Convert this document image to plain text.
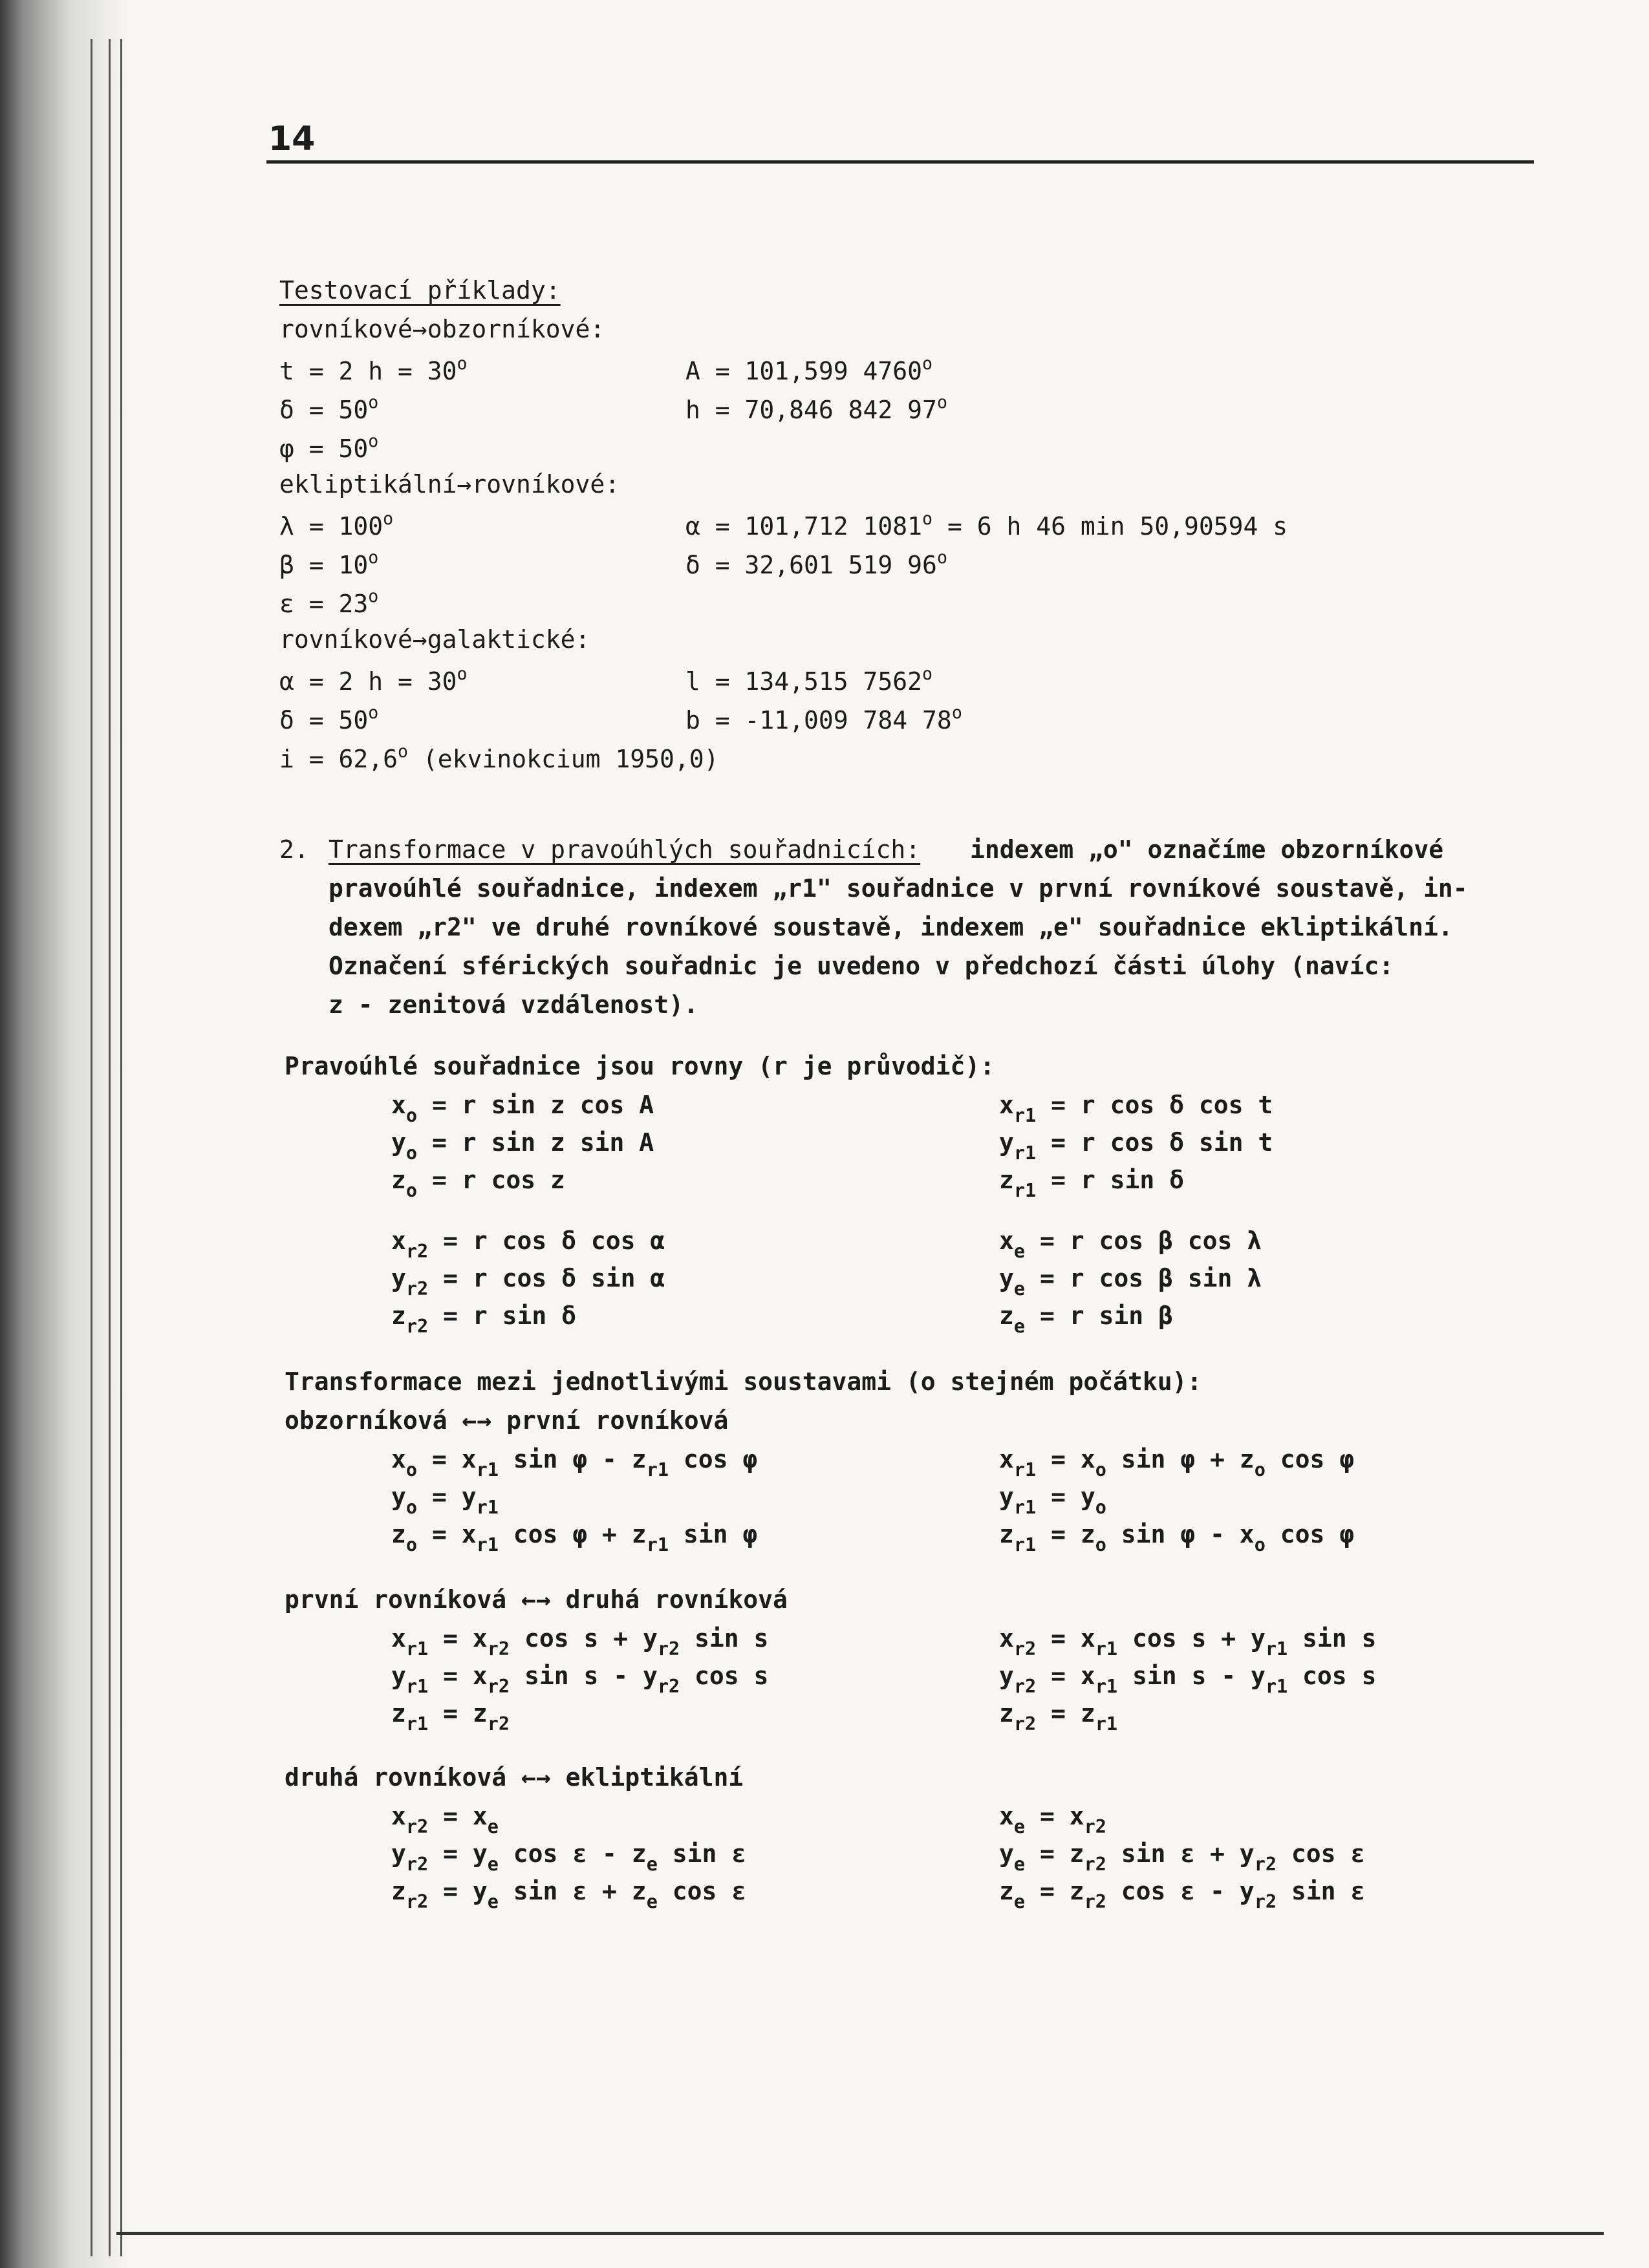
14
Testovací příklady:
rovníkové→obzorníkové:
t = 2 $h = 30^o$
$\delta = 50^o$
$\varphi = 50^o$
A = 101,599 4760$^o$
h = 70,846 842 97$^o$
ekliptikální→rovníkové:
$\lambda = 100^o$
$\beta = 10^o$
$\varepsilon = 23^o$
α = 101,712 $1081^o = 6$ h 46 min 50,90594 s
δ = 32,601 519 96$^o$
rovníkové→galaktické:
α = 2 $h = 30^o$
$\delta = 50^o$
$i = 62,6^o$ (ekvinokcium 1950,0)
l = 134,515 7562$^o$
b = -11,009 784 78$^o$
2. Transformace v pravoúhlých souřadnicích: indexem „o" označíme obzorníkové
pravoúhlé souřadnice, indexem „r1" souřadnice v první rovníkové soustavě, in-
dexem „r2" ve druhé rovníkové soustavě, indexem „e" souřadnice ekliptikální.
Označení sférických souřadnic je uvedeno v předchozí části úlohy (navíc:
z - zenitová vzdálenost).
Pravoúhlé souřadnice jsou rovny (r je průvodič):
$x_o = r$ sin z cos A
$y_o = r$ sin z sin A
$z_o = r$ cos z
$x_{r1} = r$ cos δ cos t
$y_{r1} = r$ cos δ sin t
$z_{r1} = r$ sin δ
$x_{r2} = r$ cos δ cos α
$y_{r2} = r$ cos δ sin α
$z_{r2} = r$ sin δ
$x_e = r$ cos β cos λ
$y_e = r$ cos β sin λ
$z_e = r$ sin β
Transformace mezi jednotlivými soustavami (o stejném počátku):
obzorníková ←→ první rovníková
$x_o = x_{r1}$ sin φ - $z_{r1}$ cos φ
$y_o = y_{r1}$
$z_o = x_{r1}$ $\cos \varphi + z_{r1}$ sin φ
$x_{r1} = x_o$ $\sin \varphi + z_o$ cos φ
$y_{r1} = y_o$
$z_{r1} = z_o$ sin φ - $x_o$ cos φ
první rovníková ←→ druhá rovníková
$x_{r1} = x_{r2}$ $\cos s + y_{r2}$ sin s
$y_{r1} = x_{r2}$ sin s - $y_{r2}$ cos s
$z_{r1} = z_{r2}$
$x_{r2} = x_{r1}$ $\cos s + y_{r1}$ sin s
$y_{r2} = x_{r1}$ sin s - $y_{r1}$ cos s
$z_{r2} = z_{r1}$
druhá rovníková ←→ ekliptikální
$x_{r2} = x_e$
$y_{r2} = y_e$ cos ε - $z_e$ sin ε
$z_{r2} = y_e$ $\sin \varepsilon + z_e$ cos ε
$x_e = x_{r2}$
$y_e = z_{r2}$ $\sin \varepsilon + y_{r2}$ cos ε
$z_e = z_{r2}$ cos ε - $y_{r2}$ sin ε
